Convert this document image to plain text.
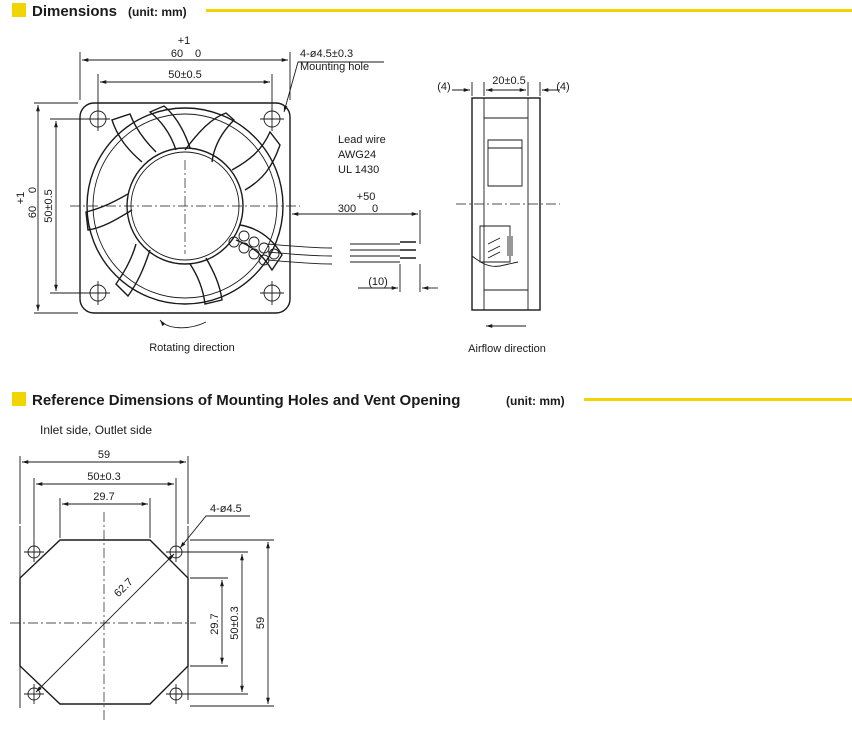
Dimensions (unit: mm)
+1
60 0
50±0.5
+1
60
0 50±0.5
4-ø4.5±0.3
Mounting hole
Lead wire
AWG24
UL 1430
+50
300 0
(10)
Rotating direction
(4)	20±0.5	(4)
Airflow direction
Reference Dimensions of Mounting Holes and Vent Opening	(unit: mm)
Inlet side, Outlet side
62.7
59
50±0.3
29.7
4-ø4.5
29.7 50±0.3 59
